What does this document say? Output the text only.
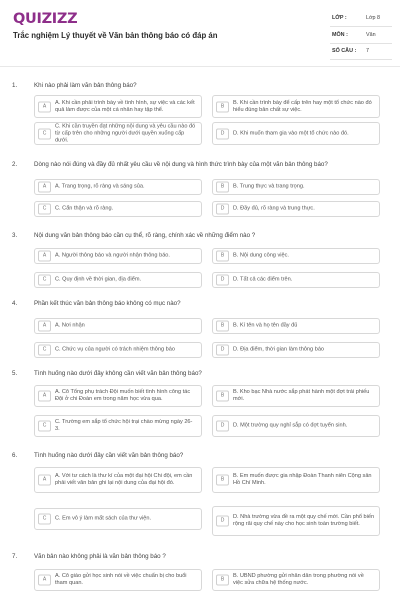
QUIZIZZ
Trắc nghiệm Lý thuyết về Văn bản thông báo có đáp án
LỚP :	Lớp 8
MÔN :	Văn
SỐ CÂU : 7
1.	Khi nào phải làm văn bản thông báo?
A
A. Khi cần phải trình bày về tình hình, sự việc và các kết quả làm được của một cá nhân hay tập thể.
B
B. Khi cần trình bày để cấp trên hay một tổ chức nào đó hiểu đúng bản chất sự việc.
C
C. Khi cần truyền đạt những nội dung và yêu cầu nào đó từ cấp trên cho những người dưới quyền xuống cấp dưới.
D	D. Khi muốn tham gia vào một tổ chức nào đó.
2.	Dòng nào nói đúng và đầy đủ nhất yêu cầu về nội dung và hình thức trình bày của một văn bản thông báo?
A	A. Trang trọng, rõ ràng và sáng sủa.	B	B. Trung thực và trang trọng.
C	C. Cẩn thận và rõ ràng.	D	D. Đầy đủ, rõ ràng và trung thực.
3.	Nội dung văn bản thông báo cần cụ thể, rõ ràng, chính xác về những điểm nào ?
A	A. Người thông báo và người nhận thông báo.	B	B. Nội dung công việc.
C	C. Quy định về thời gian, địa điểm.	D	D. Tất cả các điểm trên.
4.	Phần kết thúc văn bản thông báo không có mục nào?
A	A. Nơi nhận	B	B. Kí tên và họ tên đầy đủ
C	C. Chức vụ của người có trách nhiệm thông báo	D	D. Địa điểm, thời gian làm thông báo
5.	Tình huống nào dưới đây không cần viết văn bản thông báo?
A
A. Cô Tổng phụ trách Đội muốn biết tình hình công tác Đội ở chi Đoàn em trong năm học vừa qua.
B
B. Kho bạc Nhà nước sắp phát hành một đợt trái phiếu mới.
C
C. Trường em sắp tổ chức hội trại chào mừng ngày 26-3.
D	D. Một trường quy nghỉ sắp có đợt tuyển sinh.
6.	Tình huống nào dưới đây cần viết văn bản thông báo?
A
A. Với tư cách là thư kí của một đại hội Chi đội, em cần phải viết văn bản ghi lại nội dung của đại hội đó.
B
B. Em muốn được gia nhập Đoàn Thanh niên Cộng sản Hồ Chí Minh.
C	C. Em vô ý làm mất sách của thư viện.	D
D. Nhà trường vừa đề ra một quy chế mới. Cần phổ biến rộng rãi quy chế này cho học sinh toàn trường biết.
7.	Văn bản nào không phải là văn bản thông báo ?
A
A. Cô giáo gửi học sinh nói về việc chuẩn bị cho buổi tham quan.
B
B. UBND phường gửi nhân dân trong phường nói về việc sửa chữa hệ thống nước.
